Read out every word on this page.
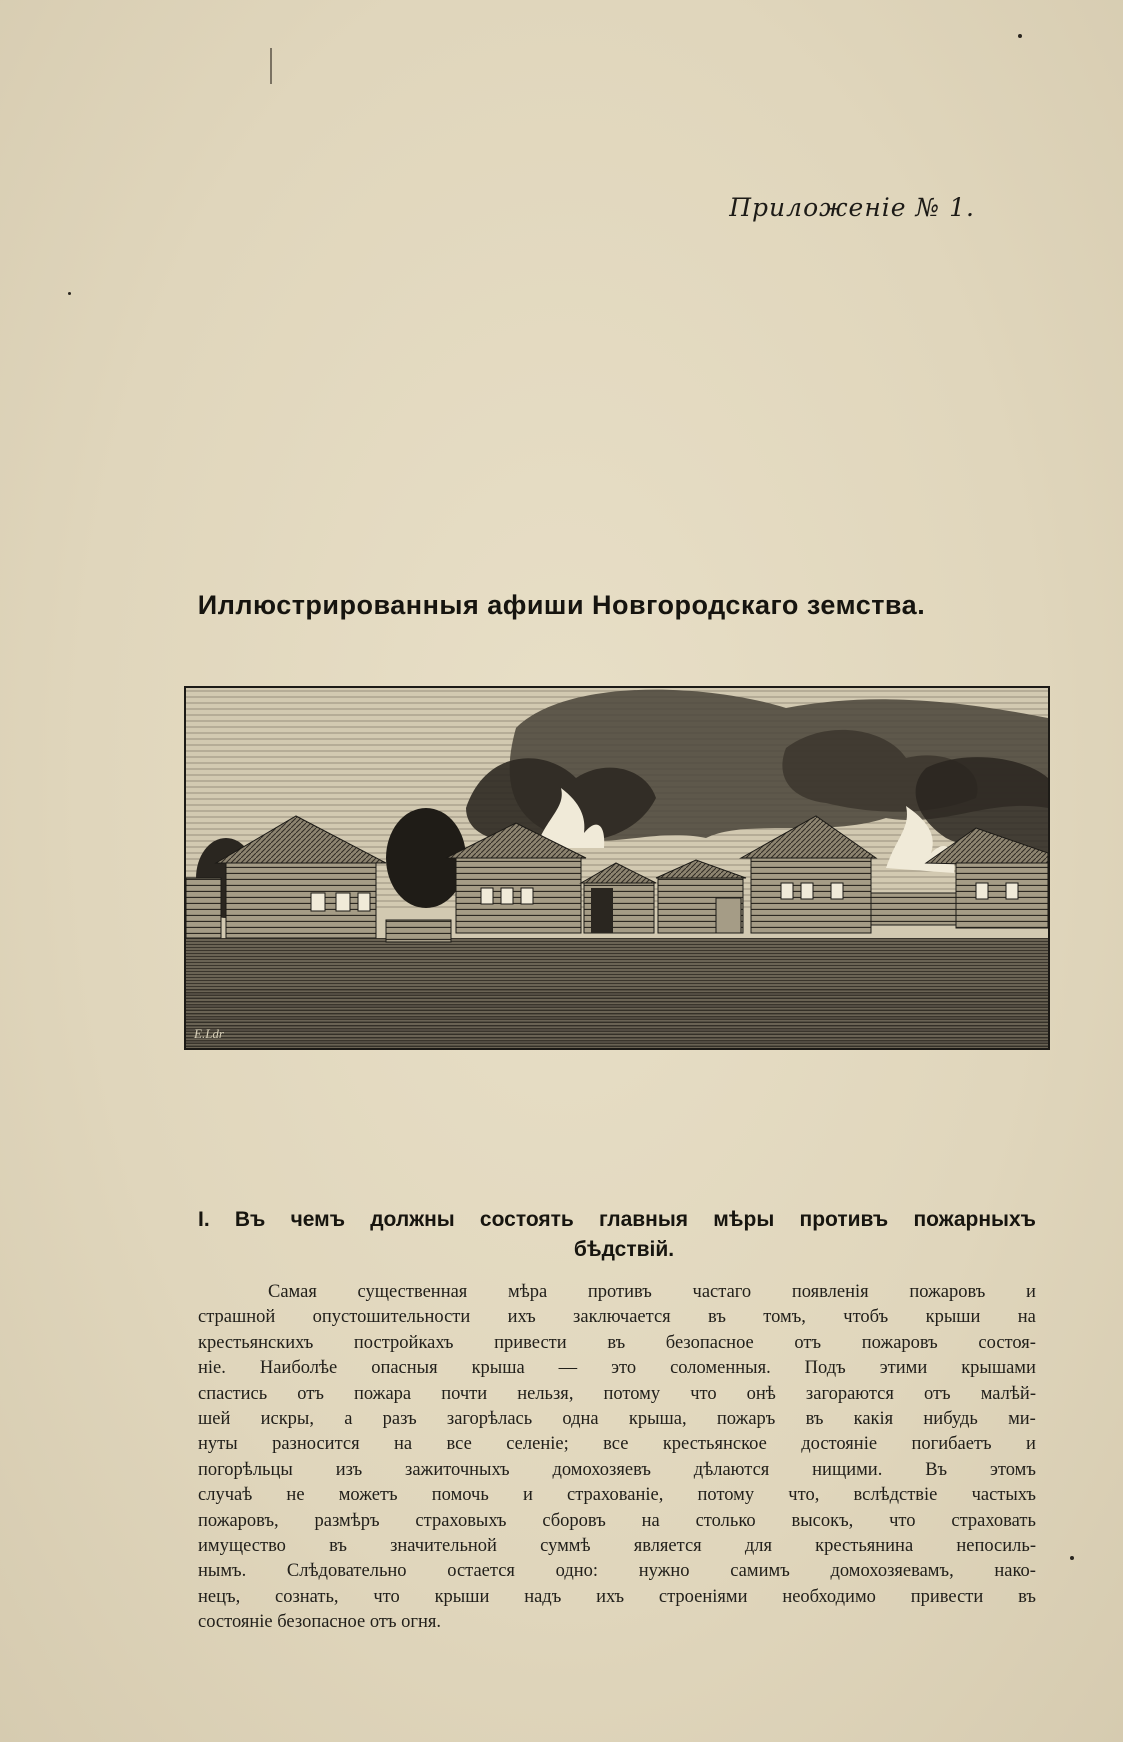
Приложеніе № 1.
Иллюстрированныя афиши Новгородскаго земства.
E.Ldr
I. Въ чемъ должны состоять главныя мѣры противъ пожарныхъ
бѣдствій.
Самая существенная мѣра противъ частаго появленія пожаровъ и
страшной опустошительности ихъ заключается въ томъ, чтобъ крыши на
крестьянскихъ постройкахъ привести въ безопасное отъ пожаровъ состоя-
ніе. Наиболѣе опасныя крыша — это соломенныя. Подъ этими крышами
спастись отъ пожара почти нельзя, потому что онѣ загораются отъ малѣй-
шей искры, а разъ загорѣлась одна крыша, пожаръ въ какія нибудь ми-
нуты разносится на все селеніе; все крестьянское достояніе погибаетъ и
погорѣльцы изъ зажиточныхъ домохозяевъ дѣлаются нищими. Въ этомъ
случаѣ не можетъ помочь и страхованіе, потому что, вслѣдствіе частыхъ
пожаровъ, размѣръ страховыхъ сборовъ на столько высокъ, что страховать
имущество въ значительной суммѣ является для крестьянина непосиль-
нымъ. Слѣдовательно остается одно: нужно самимъ домохозяевамъ, нако-
нецъ, сознать, что крыши надъ ихъ строеніями необходимо привести въ
состояніе безопасное отъ огня.
